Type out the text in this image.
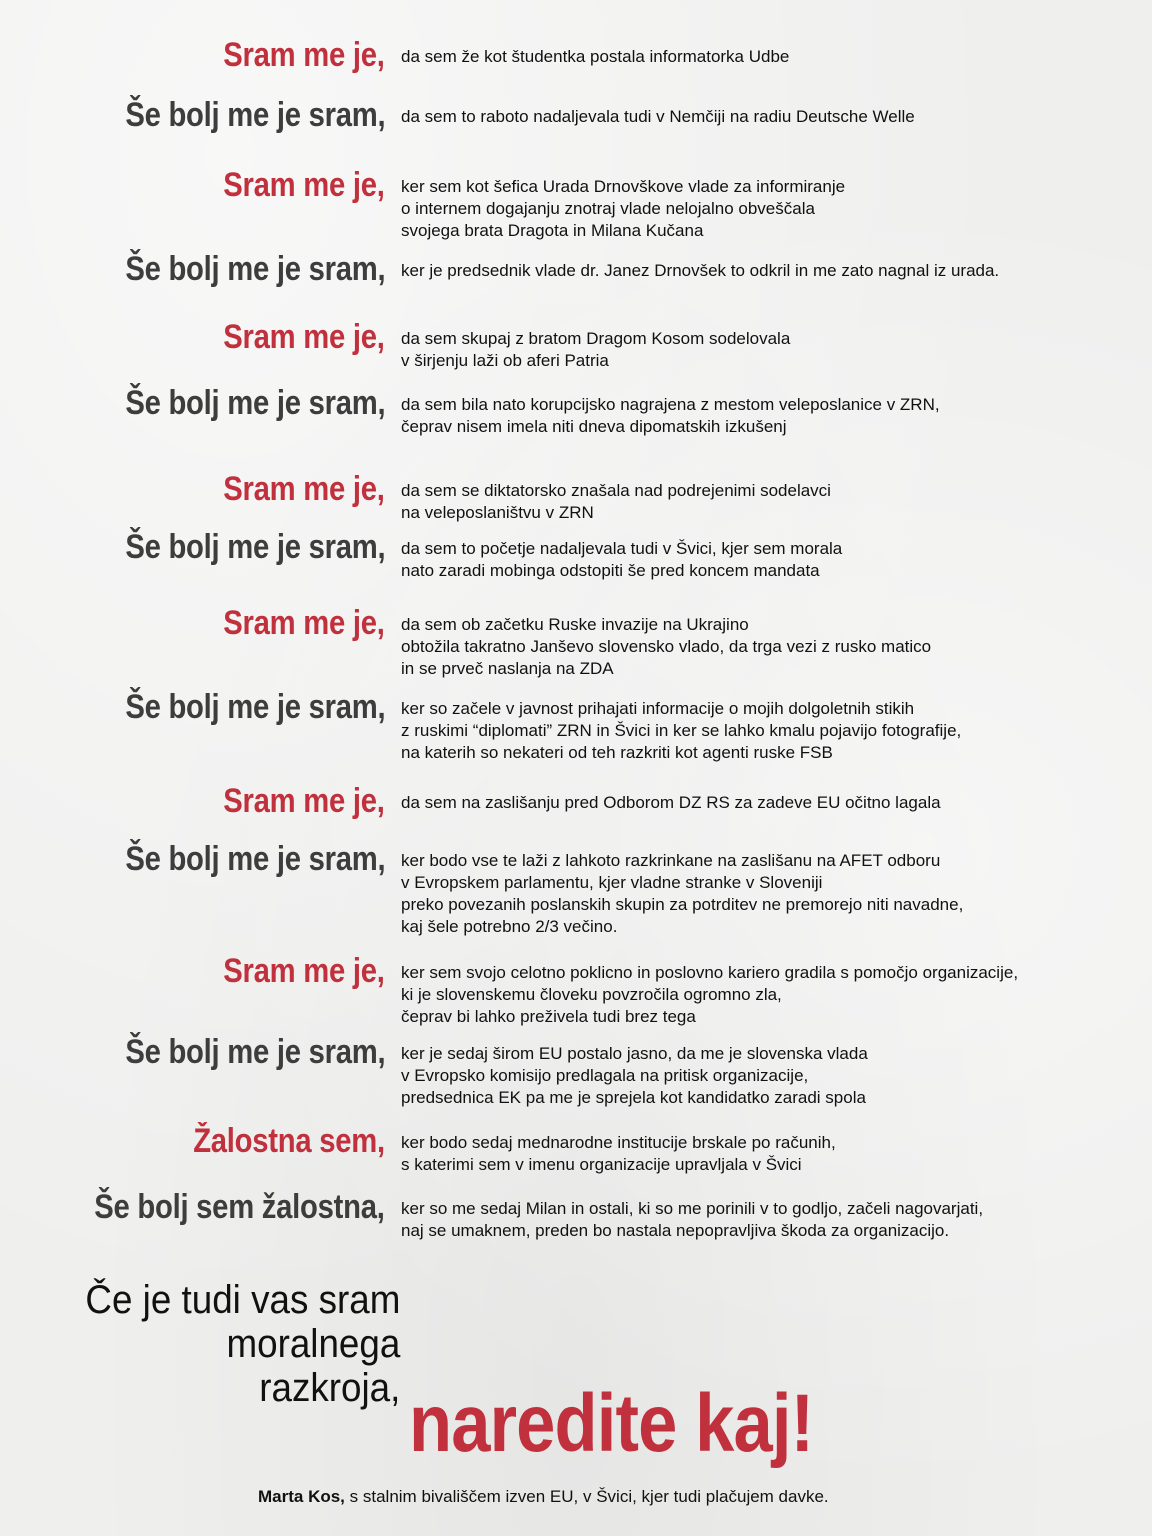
Sram me je, da sem že kot študentka postala informatorka Udbe
Še bolj me je sram, da sem to raboto nadaljevala tudi v Nemčiji na radiu Deutsche Welle
Sram me je, ker sem kot šefica Urada Drnovškove vlade za informiranje
o internem dogajanju znotraj vlade nelojalno obveščala
svojega brata Dragota in Milana Kučana
Še bolj me je sram, ker je predsednik vlade dr. Janez Drnovšek to odkril in me zato nagnal iz urada.
Sram me je, da sem skupaj z bratom Dragom Kosom sodelovala
v širjenju laži ob aferi Patria
Še bolj me je sram, da sem bila nato korupcijsko nagrajena z mestom veleposlanice v ZRN,
čeprav nisem imela niti dneva dipomatskih izkušenj
Sram me je, da sem se diktatorsko znašala nad podrejenimi sodelavci
na veleposlaništvu v ZRN
Še bolj me je sram, da sem to početje nadaljevala tudi v Švici, kjer sem morala
nato zaradi mobinga odstopiti še pred koncem mandata
Sram me je, da sem ob začetku Ruske invazije na Ukrajino
obtožila takratno Janševo slovensko vlado, da trga vezi z rusko matico
in se prveč naslanja na ZDA
Še bolj me je sram, ker so začele v javnost prihajati informacije o mojih dolgoletnih stikih
z ruskimi “diplomati” ZRN in Švici in ker se lahko kmalu pojavijo fotografije,
na katerih so nekateri od teh razkriti kot agenti ruske FSB
Sram me je, da sem na zaslišanju pred Odborom DZ RS za zadeve EU očitno lagala
Še bolj me je sram, ker bodo vse te laži z lahkoto razkrinkane na zaslišanu na AFET odboru
v Evropskem parlamentu, kjer vladne stranke v Sloveniji
preko povezanih poslanskih skupin za potrditev ne premorejo niti navadne,
kaj šele potrebno 2/3 večino.
Sram me je, ker sem svojo celotno poklicno in poslovno kariero gradila s pomočjo organizacije,
ki je slovenskemu človeku povzročila ogromno zla,
čeprav bi lahko preživela tudi brez tega
Še bolj me je sram, ker je sedaj širom EU postalo jasno, da me je slovenska vlada
v Evropsko komisijo predlagala na pritisk organizacije,
predsednica EK pa me je sprejela kot kandidatko zaradi spola
Žalostna sem, ker bodo sedaj mednarodne institucije brskale po računih,
s katerimi sem v imenu organizacije upravljala v Švici
Še bolj sem žalostna, ker so me sedaj Milan in ostali, ki so me porinili v to godljo, začeli nagovarjati,
naj se umaknem, preden bo nastala nepopravljiva škoda za organizacijo.
Če je tudi vas sram
moralnega
razkroja, naredite kaj!
Marta Kos, s stalnim bivališčem izven EU, v Švici, kjer tudi plačujem davke.
